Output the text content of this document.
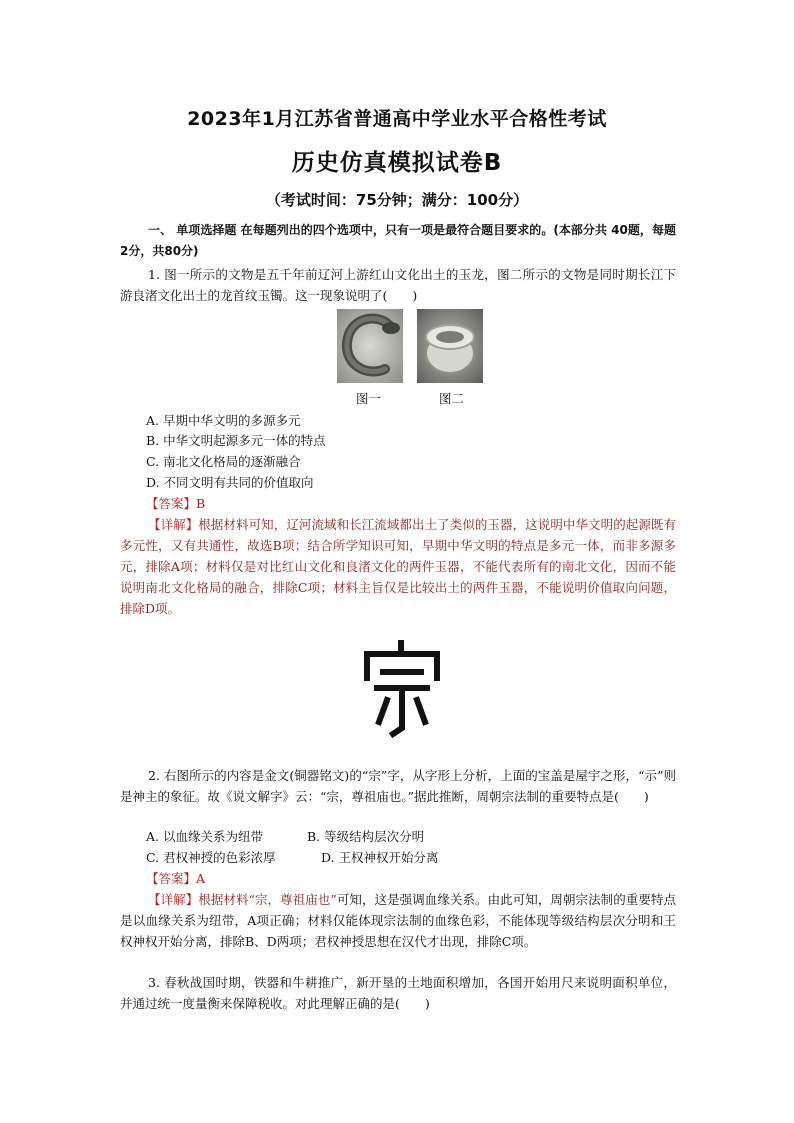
2023年1月江苏省普通高中学业水平合格性考试
历史仿真模拟试卷B
（考试时间：75分钟；满分：100分）
一、 单项选择题 在每题列出的四个选项中，只有一项是最符合题目要求的。(本部分共 40题，每题2分，共80分)
1. 图一所示的文物是五千年前辽河上游红山文化出土的玉龙，图二所示的文物是同时期长江下游良渚文化出土的龙首纹玉镯。这一现象说明了(　　)
图一	图二
A. 早期中华文明的多源多元
B. 中华文明起源多元一体的特点
C. 南北文化格局的逐渐融合
D. 不同文明有共同的价值取向
【答案】B
【详解】根据材料可知，辽河流域和长江流域都出土了类似的玉器，这说明中华文明的起源既有多元性，又有共通性，故选B项；结合所学知识可知，早期中华文明的特点是多元一体，而非多源多元，排除A项；材料仅是对比红山文化和良渚文化的两件玉器，不能代表所有的南北文化，因而不能说明南北文化格局的融合，排除C项；材料主旨仅是比较出土的两件玉器，不能说明价值取向问题，排除D项。
2. 右图所示的内容是金文(铜器铭文)的“宗”字，从字形上分析，上面的宝盖是屋宇之形，“示”则是神主的象征。故《说文解字》云：“宗，尊祖庙也。”据此推断，周朝宗法制的重要特点是(　　)
A. 以血缘关系为纽带	B. 等级结构层次分明
C. 君权神授的色彩浓厚	D. 王权神权开始分离
【答案】A
【详解】根据材料“宗，尊祖庙也”可知，这是强调血缘关系。由此可知，周朝宗法制的重要特点是以血缘关系为纽带，A项正确；材料仅能体现宗法制的血缘色彩，不能体现等级结构层次分明和王权神权开始分离，排除B、D两项；君权神授思想在汉代才出现，排除C项。
3. 春秋战国时期，铁器和牛耕推广，新开垦的土地面积增加，各国开始用尺来说明面积单位，并通过统一度量衡来保障税收。对此理解正确的是(　　)
